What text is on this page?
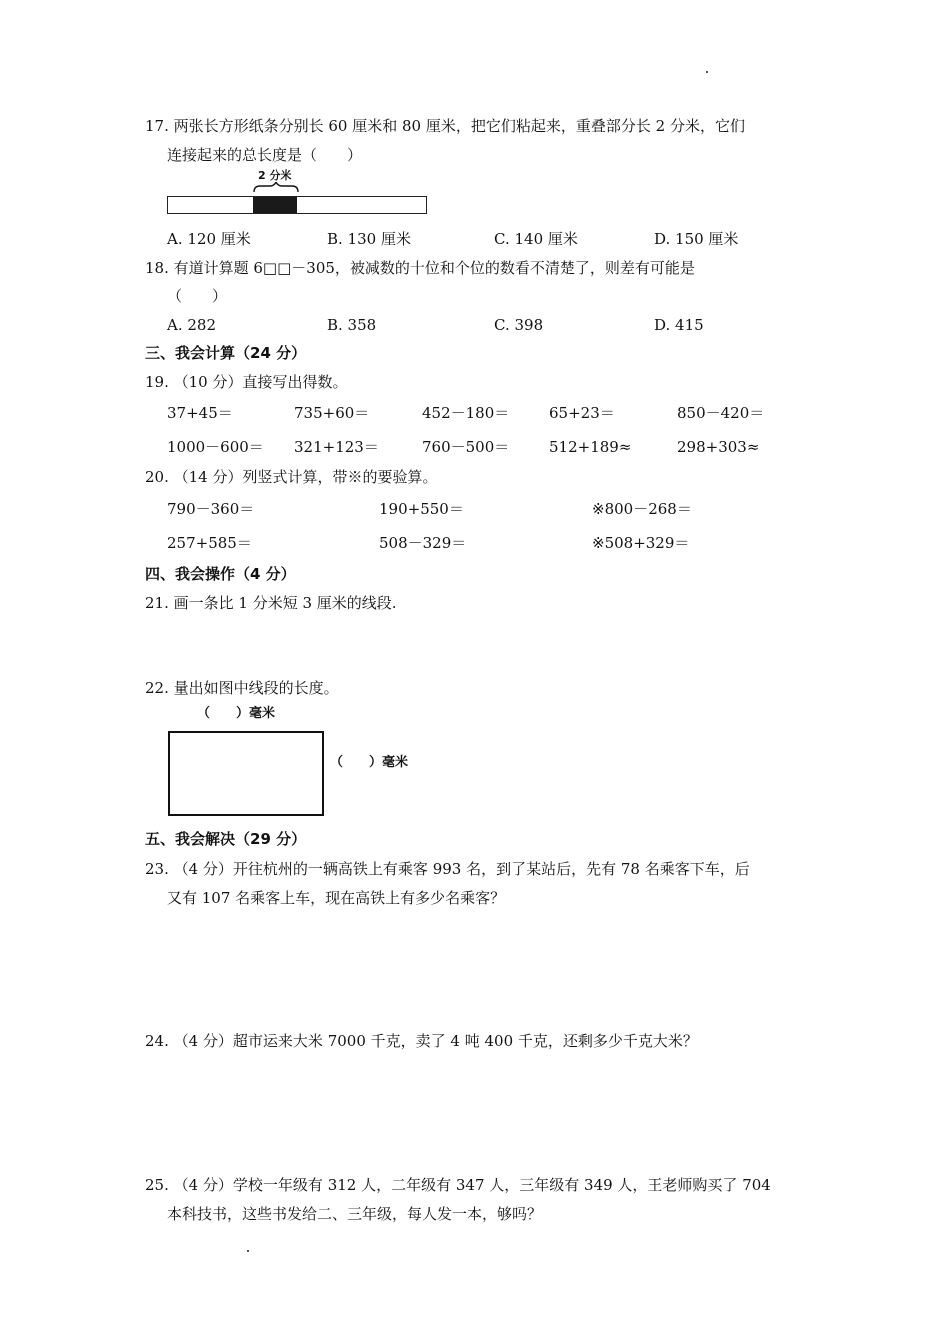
17. 两张长方形纸条分别长 60 厘米和 80 厘米，把它们粘起来，重叠部分长 2 分米，它们
连接起来的总长度是（　　）
2 分米
A. 120 厘米	B. 130 厘米	C. 140 厘米	D. 150 厘米
18. 有道计算题 6□□－305，被减数的十位和个位的数看不清楚了，则差有可能是
（　　）
A. 282	B. 358	C. 398	D. 415
三、我会计算（24 分）
19. （10 分）直接写出得数。
37+45＝	735+60＝	452－180＝	65+23＝	850－420＝
1000－600＝ 321+123＝	760－500＝	512+189≈	298+303≈
20. （14 分）列竖式计算，带※的要验算。
790－360＝	190+550＝	※800－268＝
257+585＝	508－329＝	※508+329＝
四、我会操作（4 分）
21. 画一条比 1 分米短 3 厘米的线段.
22. 量出如图中线段的长度。
（　　）毫米
（　　）毫米
五、我会解决（29 分）
23. （4 分）开往杭州的一辆高铁上有乘客 993 名，到了某站后，先有 78 名乘客下车，后
又有 107 名乘客上车，现在高铁上有多少名乘客？
24. （4 分）超市运来大米 7000 千克，卖了 4 吨 400 千克，还剩多少千克大米？
25. （4 分）学校一年级有 312 人，二年级有 347 人，三年级有 349 人，王老师购买了 704
本科技书，这些书发给二、三年级，每人发一本，够吗？
